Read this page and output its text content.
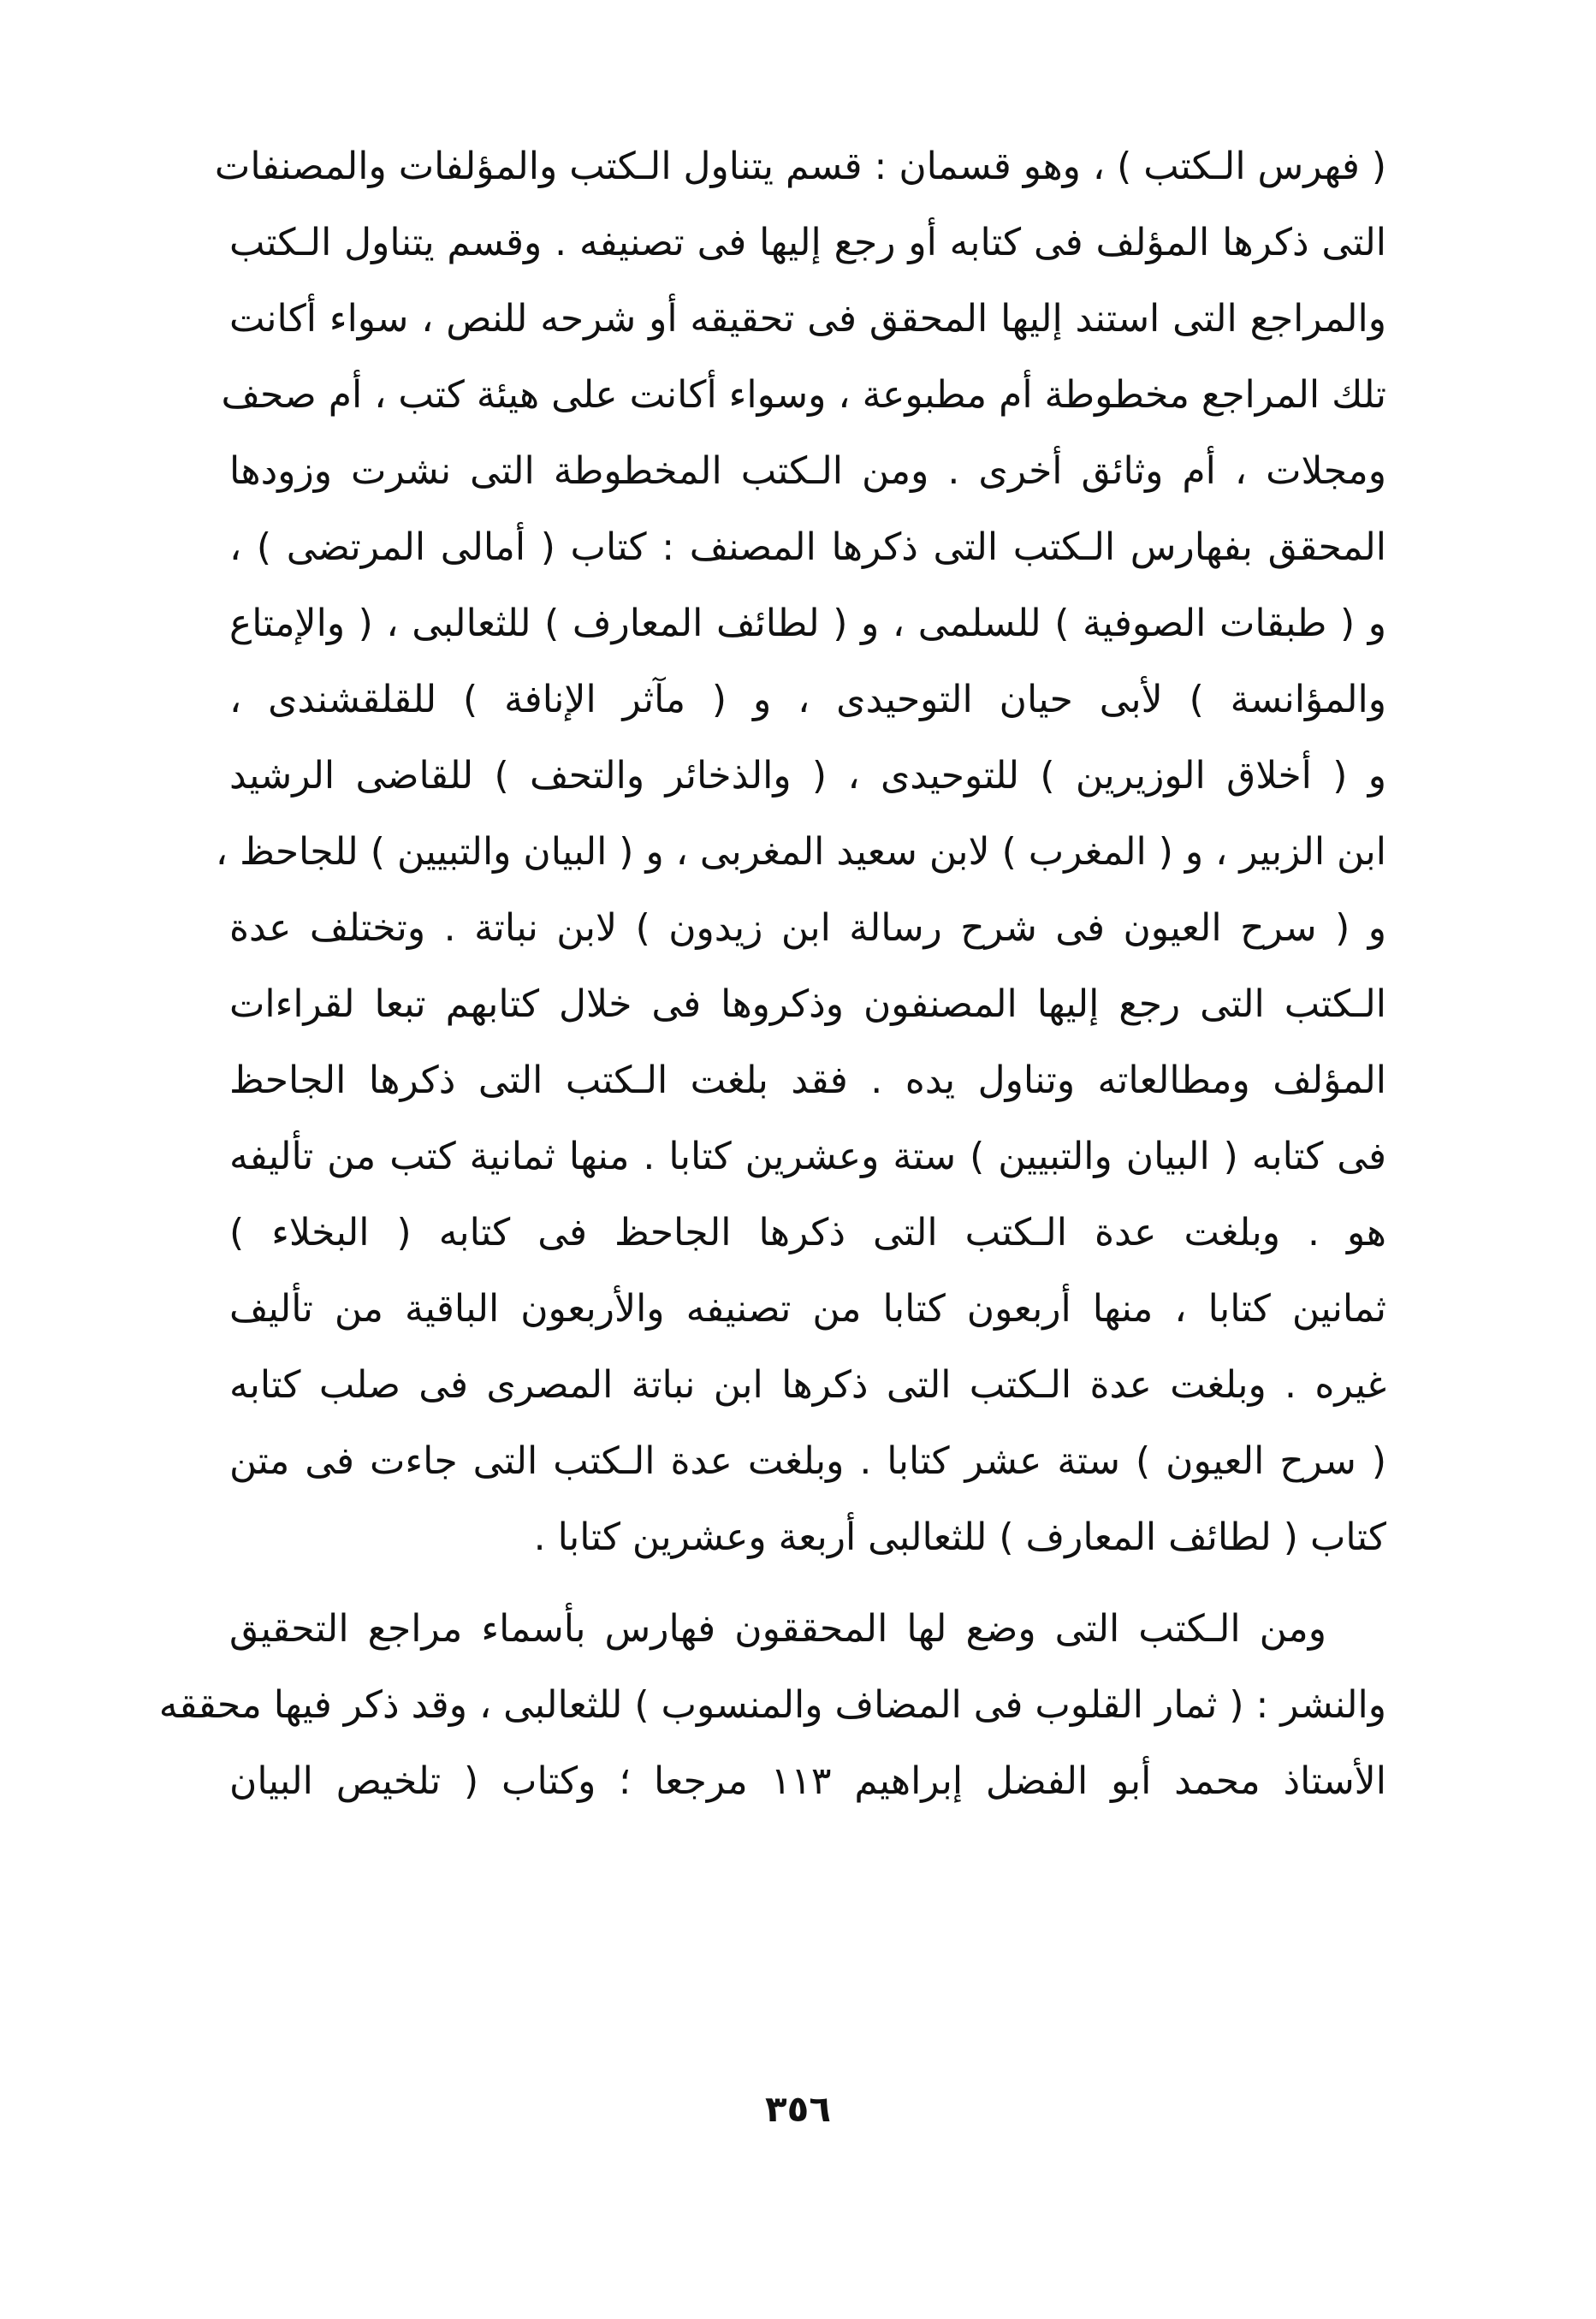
( فهرس الـكتب ) ، وهو قسمان : قسم يتناول الـكتب والمؤلفات والمصنفات
التى ذكرها المؤلف فى كتابه أو رجع إليها فى تصنيفه . وقسم يتناول الـكتب
والمراجع التى استند إليها المحقق فى تحقيقه أو شرحه للنص ، سواء أكانت
تلك المراجع مخطوطة أم مطبوعة ، وسواء أكانت على هيئة كتب ، أم صحف
ومجلات ، أم وثائق أخرى . ومن الـكتب المخطوطة التى نشرت وزودها
المحقق بفهارس الـكتب التى ذكرها المصنف : كتاب ( أمالى المرتضى ) ،
و ( طبقات الصوفية ) للسلمى ، و ( لطائف المعارف ) للثعالبى ، ( والإمتاع
والمؤانسة ) لأبى حيان التوحيدى ، و ( مآثر الإنافة ) للقلقشندى ،
و ( أخلاق الوزيرين ) للتوحيدى ، ( والذخائر والتحف ) للقاضى الرشيد
ابن الزبير ، و ( المغرب ) لابن سعيد المغربى ، و ( البيان والتبيين ) للجاحظ ،
و ( سرح العيون فى شرح رسالة ابن زيدون ) لابن نباتة . وتختلف عدة
الـكتب التى رجع إليها المصنفون وذكروها فى خلال كتابهم تبعا لقراءات
المؤلف ومطالعاته وتناول يده . فقد بلغت الـكتب التى ذكرها الجاحظ
فى كتابه ( البيان والتبيين ) ستة وعشرين كتابا . منها ثمانية كتب من تأليفه
هو . وبلغت عدة الـكتب التى ذكرها الجاحظ فى كتابه ( البخلاء )
ثمانين كتابا ، منها أربعون كتابا من تصنيفه والأربعون الباقية من تأليف
غيره . وبلغت عدة الـكتب التى ذكرها ابن نباتة المصرى فى صلب كتابه
( سرح العيون ) ستة عشر كتابا . وبلغت عدة الـكتب التى جاءت فى متن
كتاب ( لطائف المعارف ) للثعالبى أربعة وعشرين كتابا .
ومن الـكتب التى وضع لها المحققون فهارس بأسماء مراجع التحقيق
والنشر : ( ثمار القلوب فى المضاف والمنسوب ) للثعالبى ، وقد ذكر فيها محققه
الأستاذ محمد أبو الفضل إبراهيم ١١٣ مرجعا ؛ وكتاب ( تلخيص البيان
٣٥٦
